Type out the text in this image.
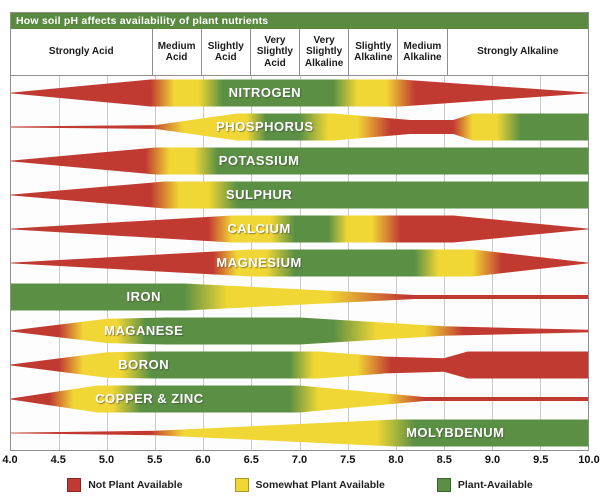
How soil pH affects availability of plant nutrients
Strongly Acid
Medium Acid
Slightly Acid
Very Slightly Acid
Very Slightly Alkaline
Slightly Alkaline
Medium Alkaline
Strongly Alkaline
NITROGEN
PHOSPHORUS
POTASSIUM
SULPHUR
CALCIUM
MAGNESIUM
IRON
MAGANESE
BORON
COPPER & ZINC
MOLYBDENUM
4.0	4.5	5.0	5.5	6.0	6.5	7.0	7.5	8.0	8.5	9.0	9.5	10.0
Not Plant Available	Somewhat Plant Available	Plant-Available
